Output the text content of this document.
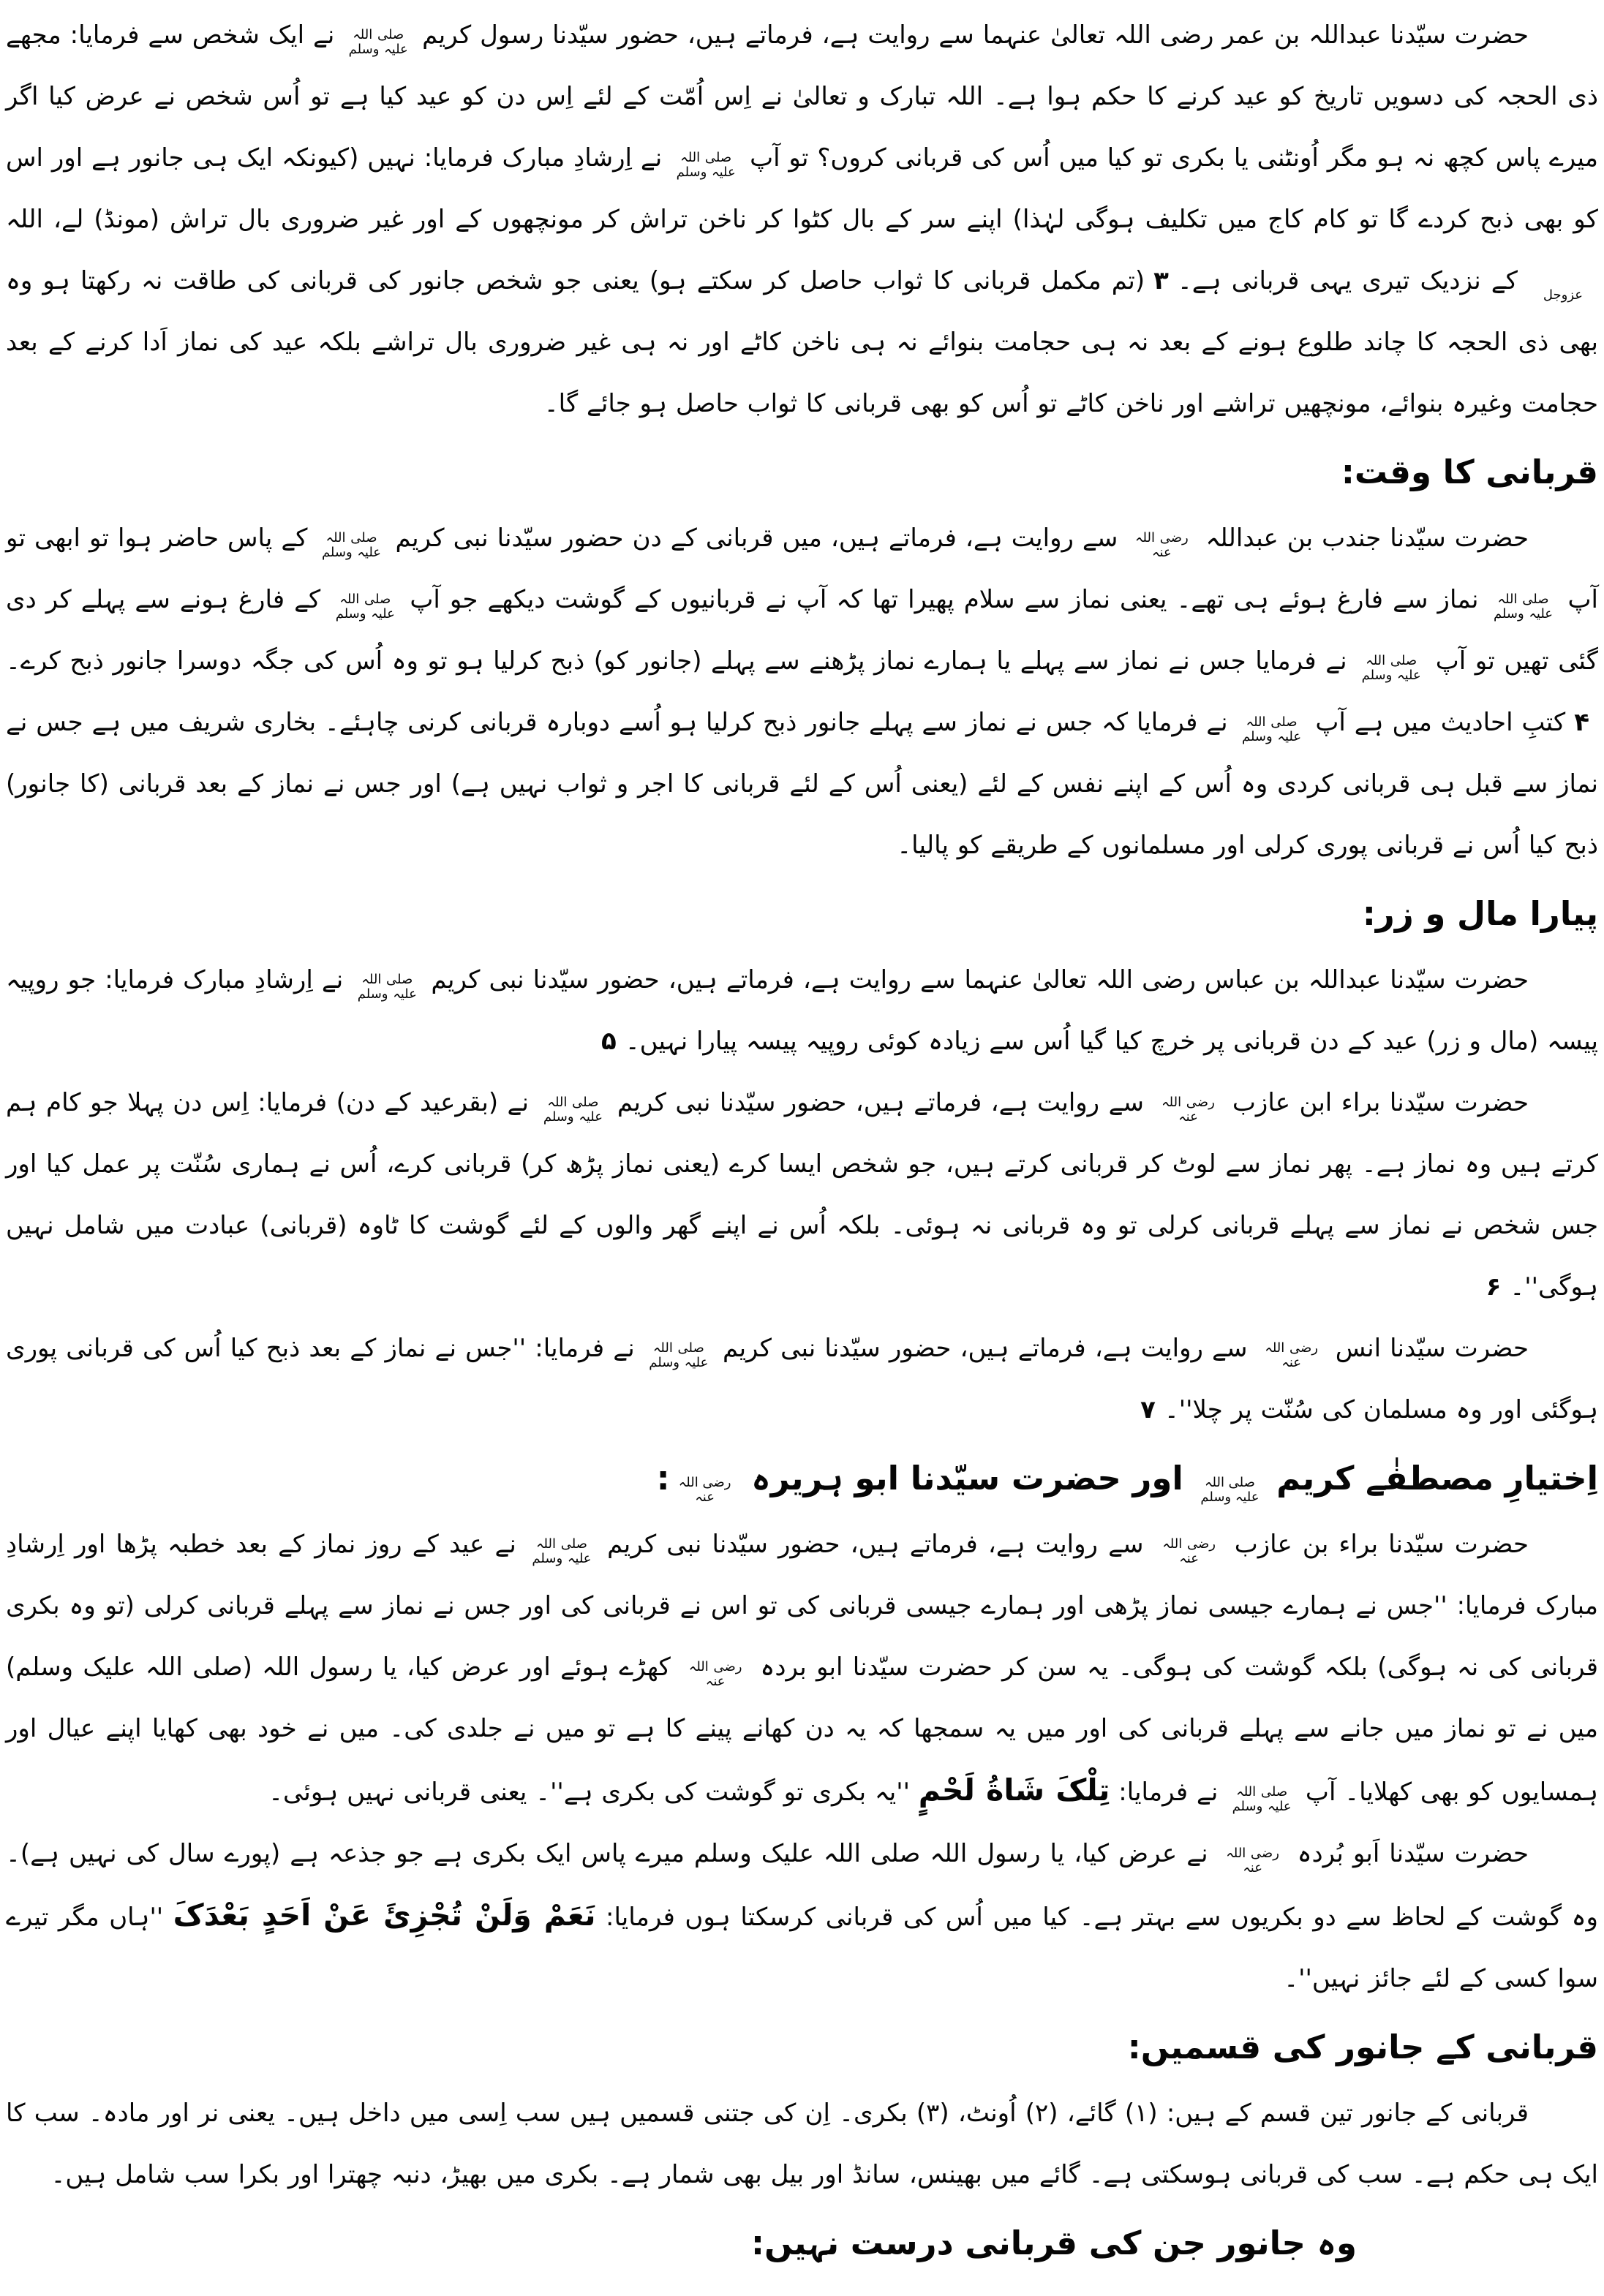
حضرت سیّدنا عبداللہ بن عمر رضی اللہ تعالیٰ عنہما سے روایت ہے، فرماتے ہیں، حضور سیّدنا رسول کریم صلی اللہ علیہ وسلم نے ایک شخص سے فرمایا: مجھے ذی الحجہ کی دسویں تاریخ کو عید کرنے کا حکم ہوا ہے۔ اللہ تبارک و تعالیٰ نے اِس اُمّت کے لئے اِس دن کو عید کیا ہے تو اُس شخص نے عرض کیا اگر میرے پاس کچھ نہ ہو مگر اُونٹنی یا بکری تو کیا میں اُس کی قربانی کروں؟ تو آپ صلی اللہ علیہ وسلم نے اِرشادِ مبارک فرمایا: نہیں (کیونکہ ایک ہی جانور ہے اور اس کو بھی ذبح کردے گا تو کام کاج میں تکلیف ہوگی لہٰذا) اپنے سر کے بال کٹوا کر ناخن تراش کر مونچھوں کے اور غیر ضروری بال تراش (مونڈ) لے، اللہ عزوجل کے نزدیک تیری یہی قربانی ہے۔۳(تم مکمل قربانی کا ثواب حاصل کر سکتے ہو) یعنی جو شخص جانور کی قربانی کی طاقت نہ رکھتا ہو وہ بھی ذی الحجہ کا چاند طلوع ہونے کے بعد نہ ہی حجامت بنوائے نہ ہی ناخن کاٹے اور نہ ہی غیر ضروری بال تراشے بلکہ عید کی نماز اَدا کرنے کے بعد حجامت وغیرہ بنوائے، مونچھیں تراشے اور ناخن کاٹے تو اُس کو بھی قربانی کا ثواب حاصل ہو جائے گا۔

قربانی کا وقت:

حضرت سیّدنا جندب بن عبداللہ رضی اللہ عنہ سے روایت ہے، فرماتے ہیں، میں قربانی کے دن حضور سیّدنا نبی کریم صلی اللہ علیہ وسلم کے پاس حاضر ہوا تو ابھی تو آپ صلی اللہ علیہ وسلم نماز سے فارغ ہوئے ہی تھے۔ یعنی نماز سے سلام پھیرا تھا کہ آپ نے قربانیوں کے گوشت دیکھے جو آپ صلی اللہ علیہ وسلم کے فارغ ہونے سے پہلے کر دی گئی تھیں تو آپ صلی اللہ علیہ وسلم نے فرمایا جس نے نماز سے پہلے یا ہمارے نماز پڑھنے سے پہلے (جانور کو) ذبح کرلیا ہو تو وہ اُس کی جگہ دوسرا جانور ذبح کرے۔۴کتبِ احادیث میں ہے آپ صلی اللہ علیہ وسلم نے فرمایا کہ جس نے نماز سے پہلے جانور ذبح کرلیا ہو اُسے دوبارہ قربانی کرنی چاہئے۔ بخاری شریف میں ہے جس نے نماز سے قبل ہی قربانی کردی وہ اُس کے اپنے نفس کے لئے (یعنی اُس کے لئے قربانی کا اجر و ثواب نہیں ہے) اور جس نے نماز کے بعد قربانی (کا جانور) ذبح کیا اُس نے قربانی پوری کرلی اور مسلمانوں کے طریقے کو پالیا۔

پیارا مال و زر:

حضرت سیّدنا عبداللہ بن عباس رضی اللہ تعالیٰ عنہما سے روایت ہے، فرماتے ہیں، حضور سیّدنا نبی کریم صلی اللہ علیہ وسلم نے اِرشادِ مبارک فرمایا: جو روپیہ پیسہ (مال و زر) عید کے دن قربانی پر خرچ کیا گیا اُس سے زیادہ کوئی روپیہ پیسہ پیارا نہیں۔۵

حضرت سیّدنا براء ابن عازب رضی اللہ عنہ سے روایت ہے، فرماتے ہیں، حضور سیّدنا نبی کریم صلی اللہ علیہ وسلم نے (بقرعید کے دن) فرمایا: اِس دن پہلا جو کام ہم کرتے ہیں وہ نماز ہے۔ پھر نماز سے لوٹ کر قربانی کرتے ہیں، جو شخص ایسا کرے (یعنی نماز پڑھ کر) قربانی کرے، اُس نے ہماری سُنّت پر عمل کیا اور جس شخص نے نماز سے پہلے قربانی کرلی تو وہ قربانی نہ ہوئی۔ بلکہ اُس نے اپنے گھر والوں کے لئے گوشت کا ٹاوہ (قربانی) عبادت میں شامل نہیں ہوگی''۔۶

حضرت سیّدنا انس رضی اللہ عنہ سے روایت ہے، فرماتے ہیں، حضور سیّدنا نبی کریم صلی اللہ علیہ وسلم نے فرمایا: ''جس نے نماز کے بعد ذبح کیا اُس کی قربانی پوری ہوگئی اور وہ مسلمان کی سُنّت پر چلا''۔۷

اِختیارِ مصطفٰے کریم صلی اللہ علیہ وسلم اور حضرت سیّدنا ابو ہریرہ رضی اللہ عنہ:

حضرت سیّدنا براء بن عازب رضی اللہ عنہ سے روایت ہے، فرماتے ہیں، حضور سیّدنا نبی کریم صلی اللہ علیہ وسلم نے عید کے روز نماز کے بعد خطبہ پڑھا اور اِرشادِ مبارک فرمایا: ''جس نے ہمارے جیسی نماز پڑھی اور ہمارے جیسی قربانی کی تو اس نے قربانی کی اور جس نے نماز سے پہلے قربانی کرلی (تو وہ بکری قربانی کی نہ ہوگی) بلکہ گوشت کی ہوگی۔ یہ سن کر حضرت سیّدنا ابو بردہ رضی اللہ عنہ کھڑے ہوئے اور عرض کیا، یا رسول اللہ (صلی اللہ علیک وسلم) میں نے تو نماز میں جانے سے پہلے قربانی کی اور میں یہ سمجھا کہ یہ دن کھانے پینے کا ہے تو میں نے جلدی کی۔ میں نے خود بھی کھایا اپنے عیال اور ہمسایوں کو بھی کھلایا۔ آپ صلی اللہ علیہ وسلم نے فرمایا: تِلْکَ شَاةُ لَحْمٍ ''یہ بکری تو گوشت کی بکری ہے''۔ یعنی قربانی نہیں ہوئی۔

حضرت سیّدنا اَبو بُردہ رضی اللہ عنہ نے عرض کیا، یا رسول اللہ صلی اللہ علیک وسلم میرے پاس ایک بکری ہے جو جذعہ ہے (پورے سال کی نہیں ہے)۔ وہ گوشت کے لحاظ سے دو بکریوں سے بہتر ہے۔ کیا میں اُس کی قربانی کرسکتا ہوں فرمایا: نَعَمْ وَلَنْ تُجْزِیَٔ عَنْ اَحَدٍ بَعْدَکَ ''ہاں مگر تیرے سوا کسی کے لئے جائز نہیں''۔

قربانی کے جانور کی قسمیں:

قربانی کے جانور تین قسم کے ہیں: (۱) گائے، (۲) اُونٹ، (۳) بکری۔ اِن کی جتنی قسمیں ہیں سب اِسی میں داخل ہیں۔ یعنی نر اور مادہ۔ سب کا ایک ہی حکم ہے۔ سب کی قربانی ہوسکتی ہے۔ گائے میں بھینس، سانڈ اور بیل بھی شمار ہے۔ بکری میں بھیڑ، دنبہ چھترا اور بکرا سب شامل ہیں۔

وہ جانور جن کی قربانی درست نہیں:
